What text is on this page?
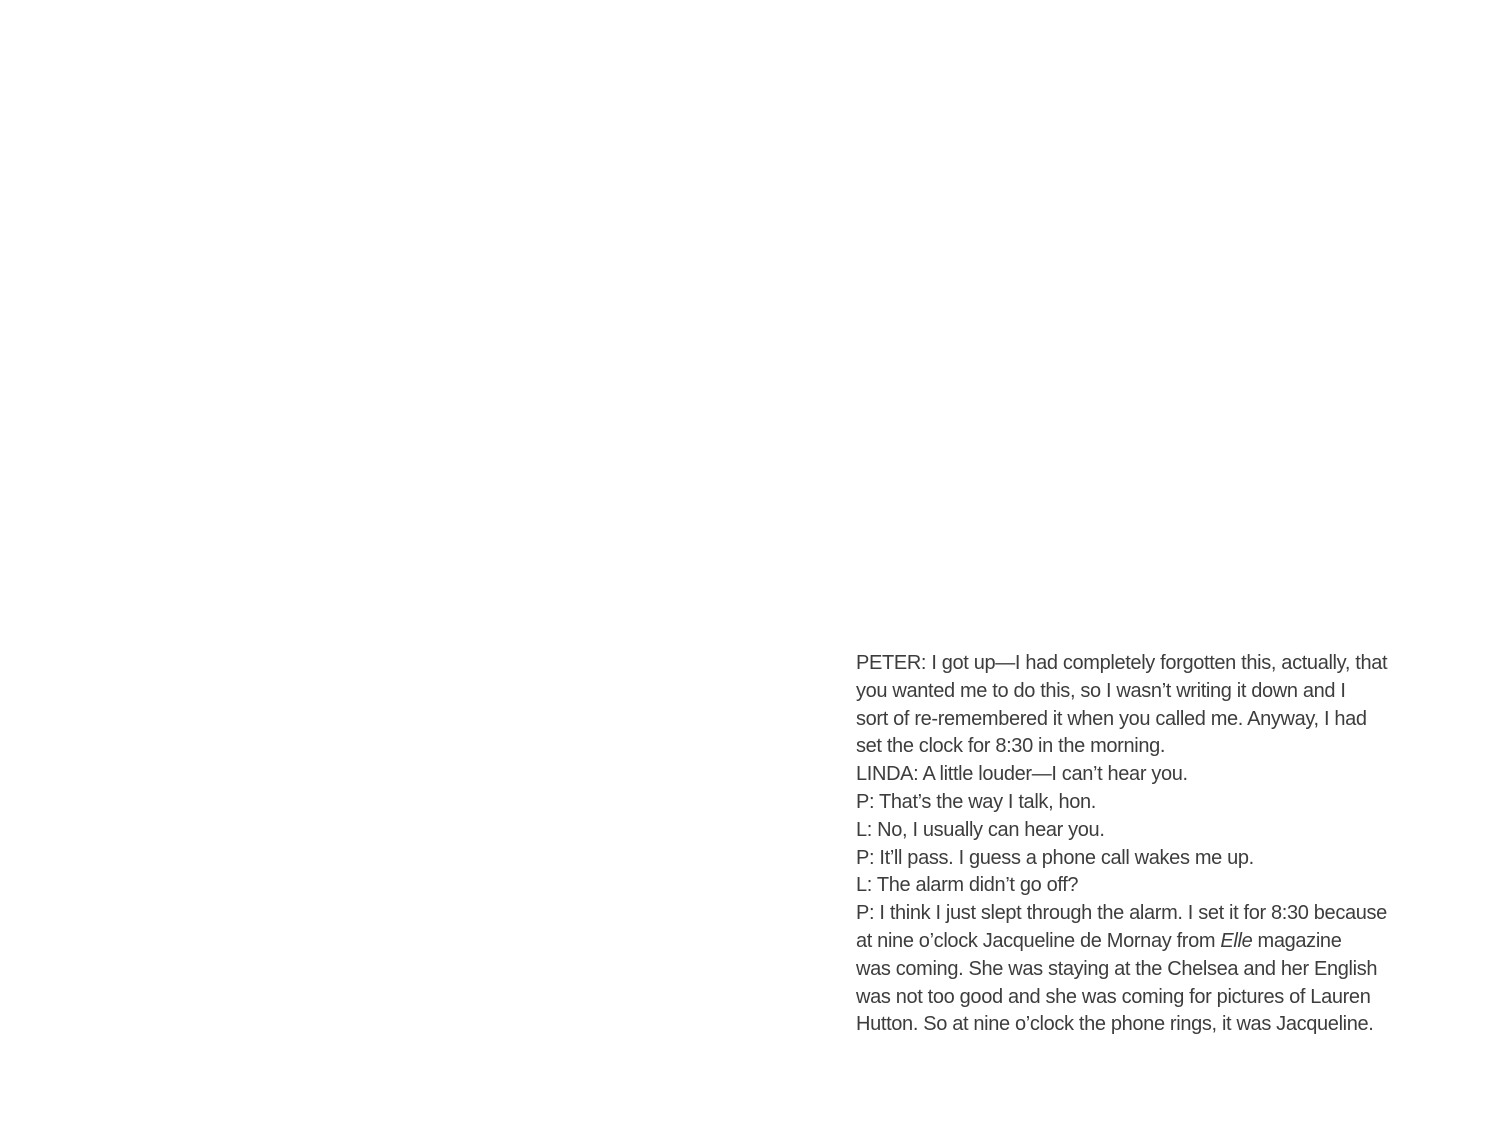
PETER: I got up—I had completely forgotten this, actually, that
you wanted me to do this, so I wasn’t writing it down and I
sort of re-remembered it when you called me. Anyway, I had
set the clock for 8:30 in the morning.
LINDA: A little louder—I can’t hear you.
P: That’s the way I talk, hon.
L: No, I usually can hear you.
P: It’ll pass. I guess a phone call wakes me up.
L: The alarm didn’t go off?
P: I think I just slept through the alarm. I set it for 8:30 because
at nine o’clock Jacqueline de Mornay from Elle magazine
was coming. She was staying at the Chelsea and her English
was not too good and she was coming for pictures of Lauren
Hutton. So at nine o’clock the phone rings, it was Jacqueline.
